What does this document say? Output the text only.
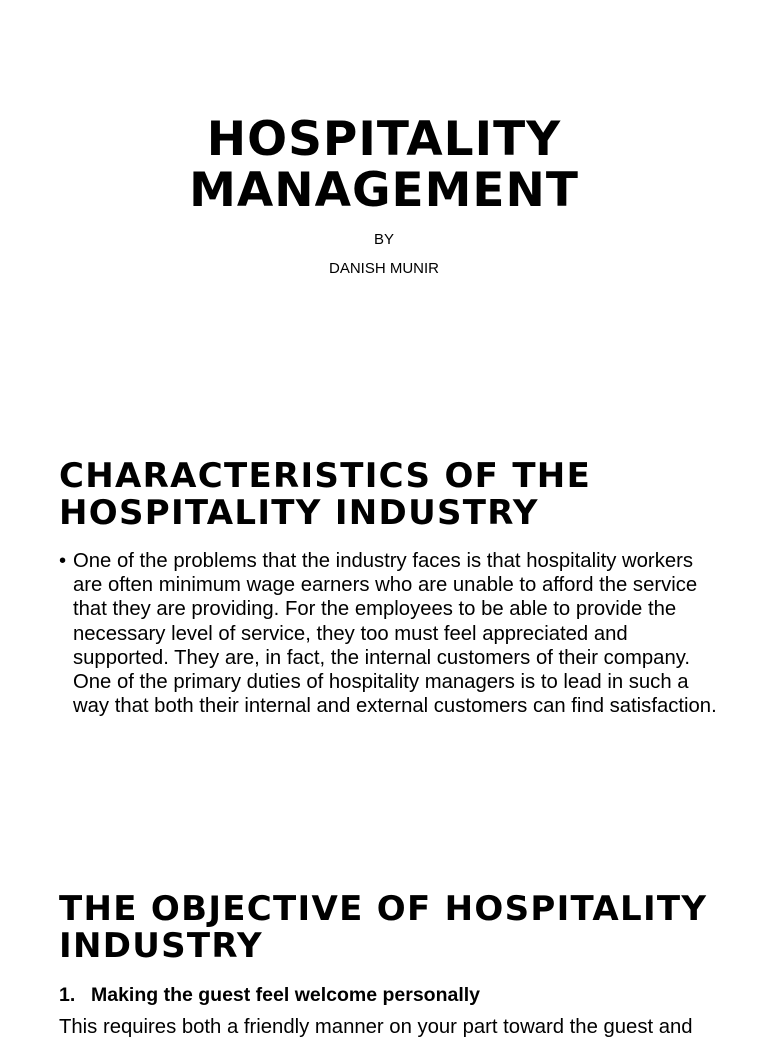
HOSPITALITY
MANAGEMENT

BY

DANISH MUNIR

CHARACTERISTICS OF THE
HOSPITALITY INDUSTRY
• One of the problems that the industry faces is that hospitality workers are often minimum wage earners who are unable to afford the service that they are providing. For the employees to be able to provide the necessary level of service, they too must feel appreciated and supported. They are, in fact, the internal customers of their company. One of the primary duties of hospitality managers is to lead in such a way that both their internal and external customers can find satisfaction.

THE OBJECTIVE OF HOSPITALITY
INDUSTRY

1. Making the guest feel welcome personally

This requires both a friendly manner on your part toward the guest and
